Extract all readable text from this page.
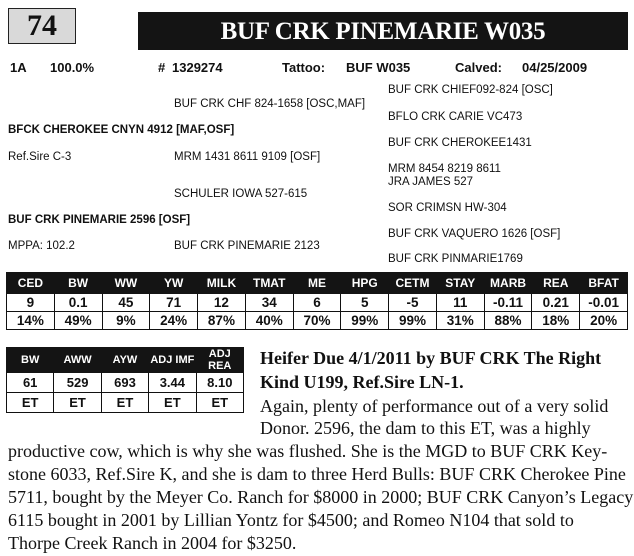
74	BUF CRK PINEMARIE W035
1A 100.0%	# 1329274	Tattoo: BUF W035	Calved: 04/25/2009
BUF CRK CHIEF092-824 [OSC]
BUF CRK CHF 824-1658 [OSC,MAF]
BFLO CRK CARIE VC473
BFCK CHEROKEE CNYN 4912 [MAF,OSF]
BUF CRK CHEROKEE1431
Ref.Sire C-3	MRM 1431 8611 9109 [OSF]
MRM 8454 8219 8611
JRA JAMES 527
SCHULER IOWA 527-615
SOR CRIMSN HW-304
BUF CRK PINEMARIE 2596 [OSF]
BUF CRK VAQUERO 1626 [OSF]
MPPA: 102.2	BUF CRK PINEMARIE 2123
BUF CRK PINMARIE1769
CED	BW	WW	YW	MILK	TMAT	ME	HPG	CETM	STAY	MARB	REA	BFAT
9	0.1	45	71	12	34	6	5	-5	11	-0.11	0.21	-0.01
14%	49%	9%	24%	87%	40%	70%	99%	99%	31%	88%	18%	20%
BW	AWW	AYW	ADJ IMF	ADJ REA
61	529	693	3.44	8.10
ET	ET	ET	ET	ET
Heifer Due 4/1/2011 by BUF CRK The Right
Kind U199, Ref.Sire LN-1.
Again, plenty of performance out of a very solid
Donor. 2596, the dam to this ET, was a highly
productive cow, which is why she was flushed. She is the MGD to BUF CRK Key-
stone 6033, Ref.Sire K, and she is dam to three Herd Bulls: BUF CRK Cherokee Pine
5711, bought by the Meyer Co. Ranch for $8000 in 2000; BUF CRK Canyon’s Legacy
6115 bought in 2001 by Lillian Yontz for $4500; and Romeo N104 that sold to
Thorpe Creek Ranch in 2004 for $3250.
